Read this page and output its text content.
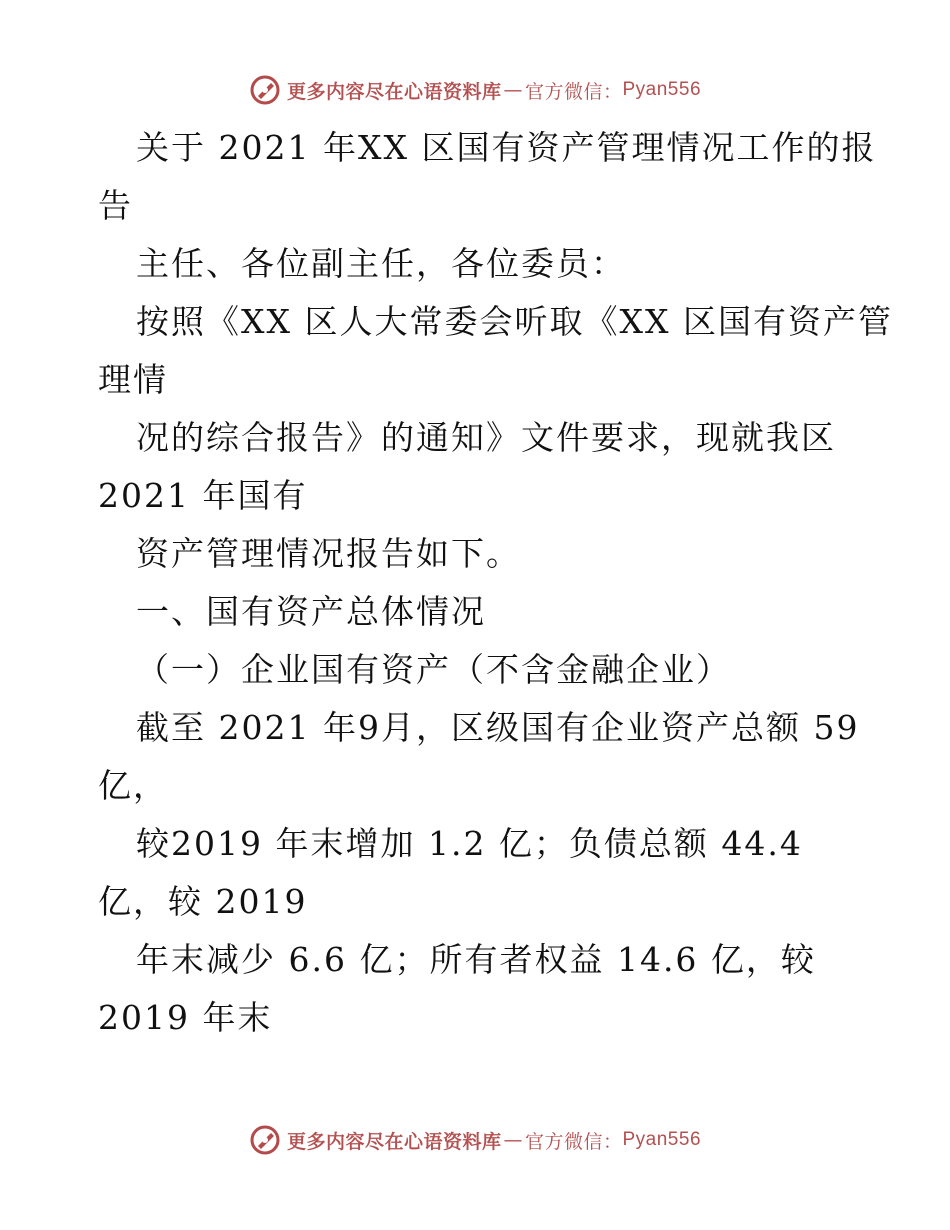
更多内容尽在心语资料库 — 官方微信： Pyan556
关于 2021 年XX 区国有资产管理情况工作的报
告
主任、各位副主任，各位委员：
按照《XX 区人大常委会听取《XX 区国有资产管
理情
况的综合报告》的通知》文件要求，现就我区
2021 年国有
资产管理情况报告如下。
一、国有资产总体情况
（一）企业国有资产（不含金融企业）
截至 2021 年9月，区级国有企业资产总额 59
亿，
较2019 年末增加 1.2 亿；负债总额 44.4
亿，较 2019
年末减少 6.6 亿；所有者权益 14.6 亿，较
2019 年末
更多内容尽在心语资料库 — 官方微信： Pyan556
